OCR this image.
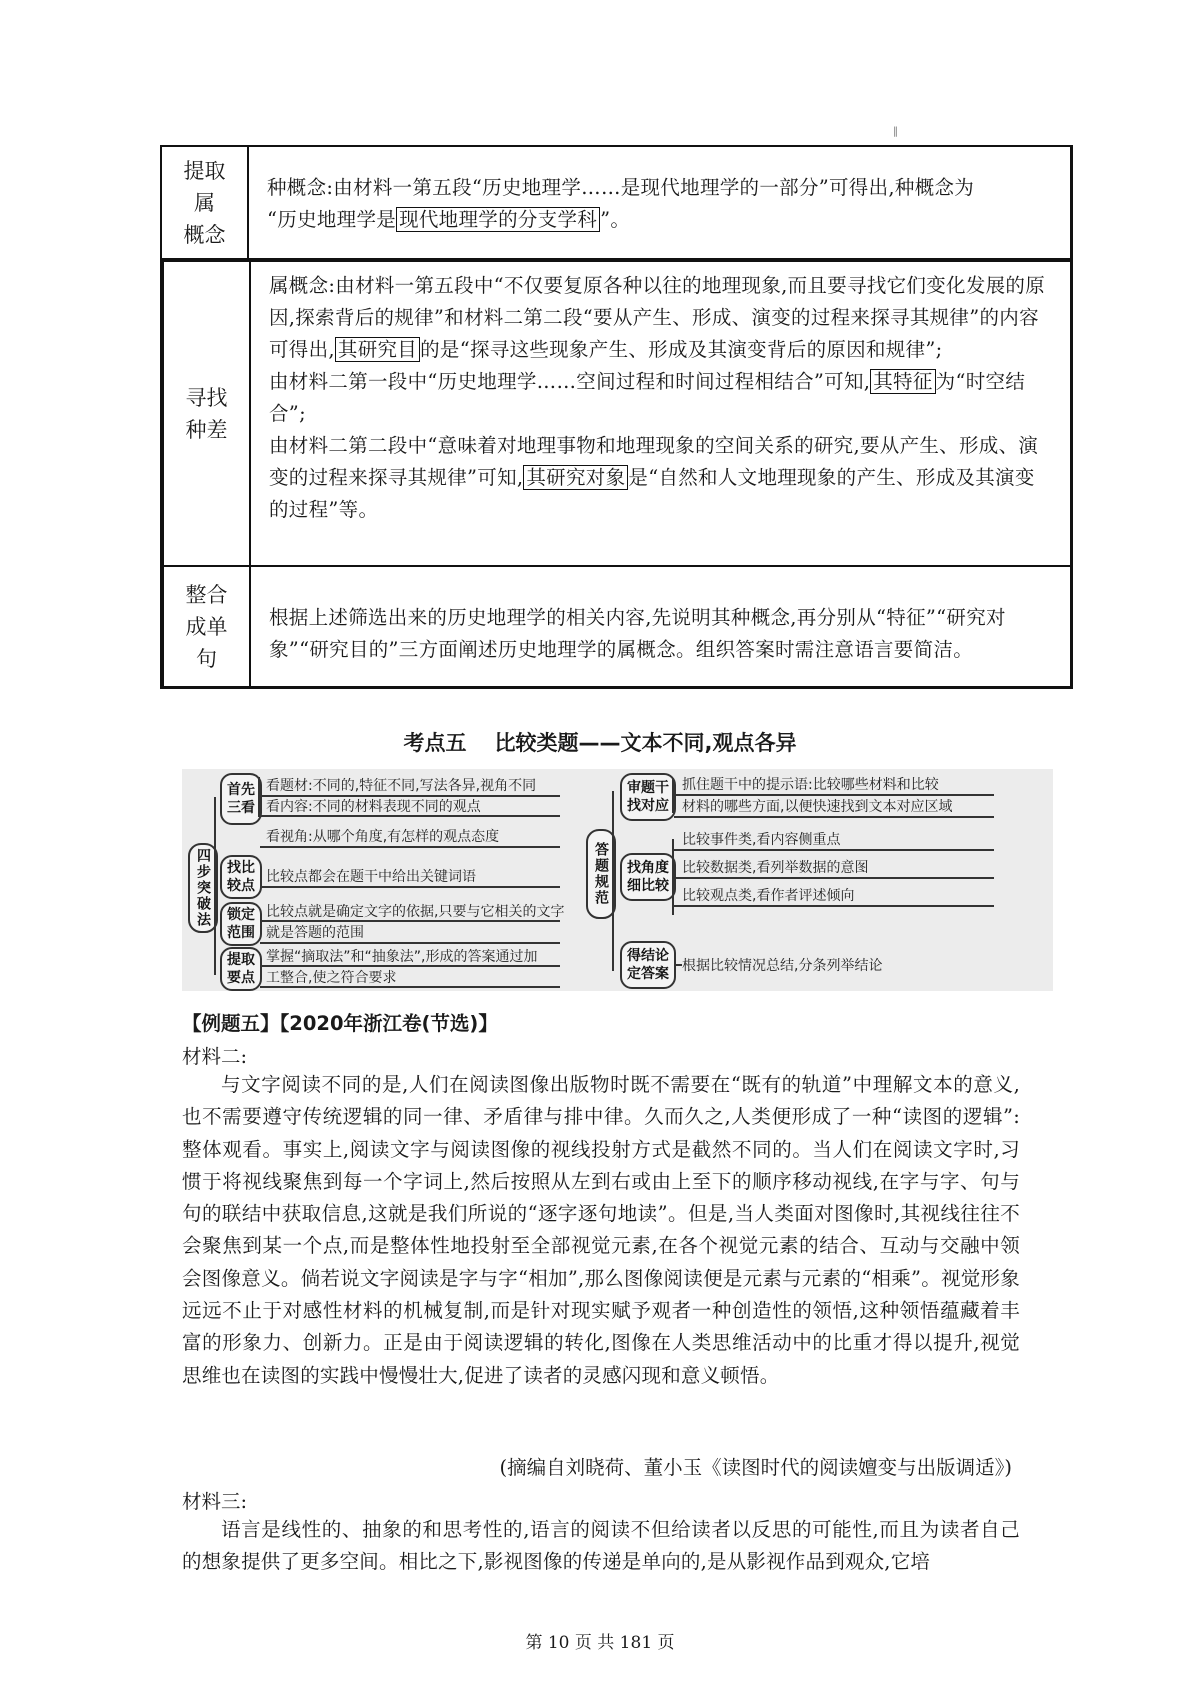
‖
提取
属
概念
种概念:由材料一第五段“历史地理学……是现代地理学的一部分”可得出,种概念为
“历史地理学是 现代地理学的分支学科 ”。
寻找
种差
属概念:由材料一第五段中“不仅要复原各种以往的地理现象,而且要寻找它们变化发展的原因,探索背后的规律”和材料二第二段“要从产生、形成、演变的过程来探寻其规律”的内容可得出, 其研究目 的是“探寻这些现象产生、形成及其演变背后的原因和规律”;
由材料二第一段中“历史地理学……空间过程和时间过程相结合”可知, 其特征 为“时空结合”;
由材料二第二段中“意味着对地理事物和地理现象的空间关系的研究,要从产生、形成、演变的过程来探寻其规律”可知, 其研究对象 是“自然和人文地理现象的产生、形成及其演变的过程”等。
整合
成单
句
根据上述筛选出来的历史地理学的相关内容,先说明其种概念,再分别从“特征”“研究对象”“研究目的”三方面阐述历史地理学的属概念。组织答案时需注意语言要简洁。
考点五 比较类题——文本不同,观点各异
四步突破法
首先三看
找比较点
锁定范围
提取要点
看题材:不同的,特征不同,写法各异,视角不同
看内容:不同的材料表现不同的观点
看视角:从哪个角度,有怎样的观点态度
比较点都会在题干中给出关键词语
比较点就是确定文字的依据,只要与它相关的文字
就是答题的范围
掌握“摘取法”和“抽象法”,形成的答案通过加
工整合,使之符合要求
答题规范
审题干找对应
找角度细比较
得结论定答案
抓住题干中的提示语:比较哪些材料和比较
材料的哪些方面,以便快速找到文本对应区域
比较事件类,看内容侧重点
比较数据类,看列举数据的意图
比较观点类,看作者评述倾向
根据比较情况总结,分条列举结论
【例题五】【2020年浙江卷(节选)】
材料二:
与文字阅读不同的是,人们在阅读图像出版物时既不需要在“既有的轨道”中理解文本的意义,也不需要遵守传统逻辑的同一律、矛盾律与排中律。久而久之,人类便形成了一种“读图的逻辑”:整体观看。事实上,阅读文字与阅读图像的视线投射方式是截然不同的。当人们在阅读文字时,习惯于将视线聚焦到每一个字词上,然后按照从左到右或由上至下的顺序移动视线,在字与字、句与句的联结中获取信息,这就是我们所说的“逐字逐句地读”。但是,当人类面对图像时,其视线往往不会聚焦到某一个点,而是整体性地投射至全部视觉元素,在各个视觉元素的结合、互动与交融中领会图像意义。倘若说文字阅读是字与字“相加”,那么图像阅读便是元素与元素的“相乘”。视觉形象远远不止于对感性材料的机械复制,而是针对现实赋予观者一种创造性的领悟,这种领悟蕴藏着丰富的形象力、创新力。正是由于阅读逻辑的转化,图像在人类思维活动中的比重才得以提升,视觉思维也在读图的实践中慢慢壮大,促进了读者的灵感闪现和意义顿悟。
(摘编自刘晓荷、董小玉《读图时代的阅读嬗变与出版调适》)
材料三:
语言是线性的、抽象的和思考性的,语言的阅读不但给读者以反思的可能性,而且为读者自己的想象提供了更多空间。相比之下,影视图像的传递是单向的,是从影视作品到观众,它培
第 10 页 共 181 页
